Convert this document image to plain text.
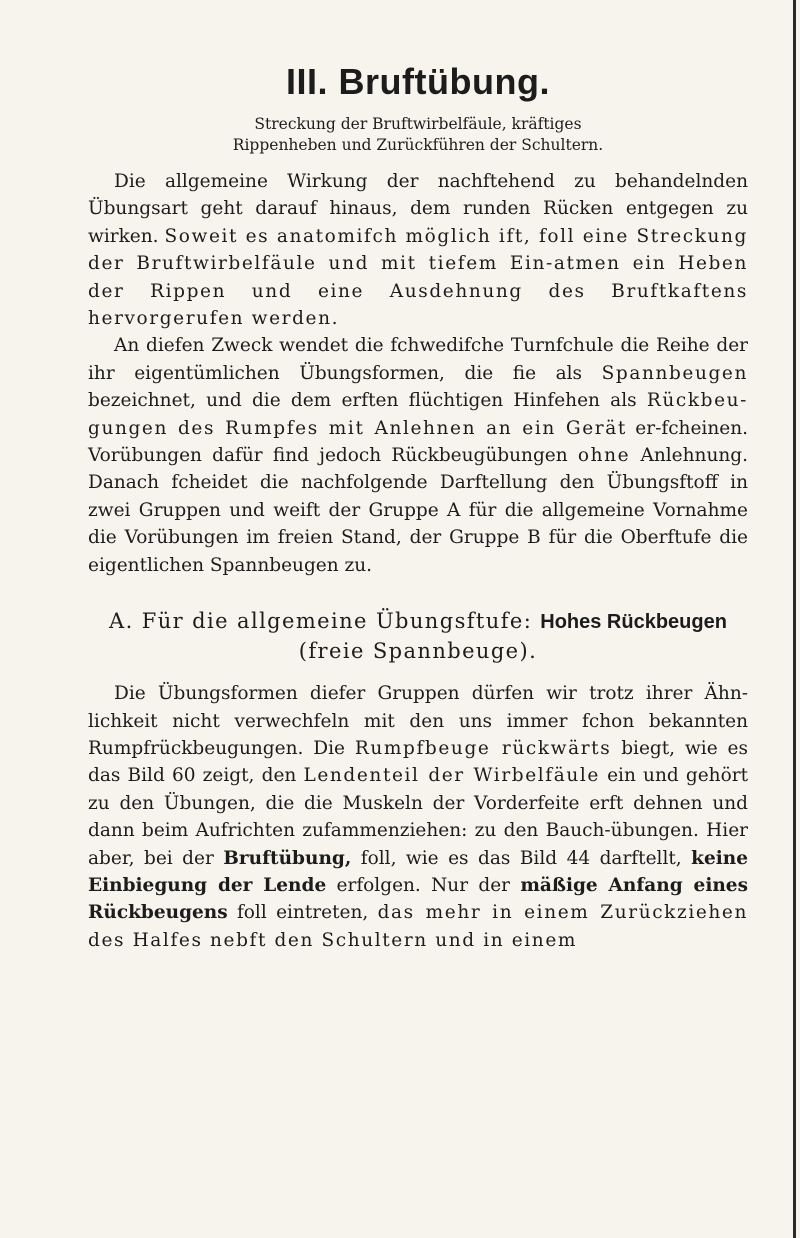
III. Bruftübung.
Streckung der Bruftwirbelfäule, kräftiges
Rippenheben und Zurückführen der Schultern.

Die allgemeine Wirkung der nachftehend zu behandelnden Übungsart geht darauf hinaus, dem runden Rücken entgegen zu wirken. Soweit es anatomifch möglich ift, foll eine Streckung der Bruftwirbelfäule und mit tiefem Ein-atmen ein Heben der Rippen und eine Ausdehnung des Bruftkaftens hervorgerufen werden.

An diefen Zweck wendet die fchwedifche Turnfchule die Reihe der ihr eigentümlichen Übungsformen, die fie als Spannbeugen bezeichnet, und die dem erften flüchtigen Hinfehen als Rückbeu-gungen des Rumpfes mit Anlehnen an ein Gerät er-fcheinen. Vorübungen dafür find jedoch Rückbeugübungen ohne Anlehnung. Danach fcheidet die nachfolgende Darftellung den Übungsftoff in zwei Gruppen und weift der Gruppe A für die allgemeine Vornahme die Vorübungen im freien Stand, der Gruppe B für die Oberftufe die eigentlichen Spannbeugen zu.

A. Für die allgemeine Übungsftufe: Hohes Rückbeugen
(freie Spannbeuge).

Die Übungsformen diefer Gruppen dürfen wir trotz ihrer Ähn-lichkeit nicht verwechfeln mit den uns immer fchon bekannten Rumpfrückbeugungen. Die Rumpfbeuge rückwärts biegt, wie es das Bild 60 zeigt, den Lendenteil der Wirbelfäule ein und gehört zu den Übungen, die die Muskeln der Vorderfeite erft dehnen und dann beim Aufrichten zufammenziehen: zu den Bauch-übungen. Hier aber, bei der Bruftübung, foll, wie es das Bild 44 darftellt, keine Einbiegung der Lende erfolgen. Nur der mäßige Anfang eines Rückbeugens foll eintreten, das mehr in einem Zurückziehen des Halfes nebft den Schultern und in einem
